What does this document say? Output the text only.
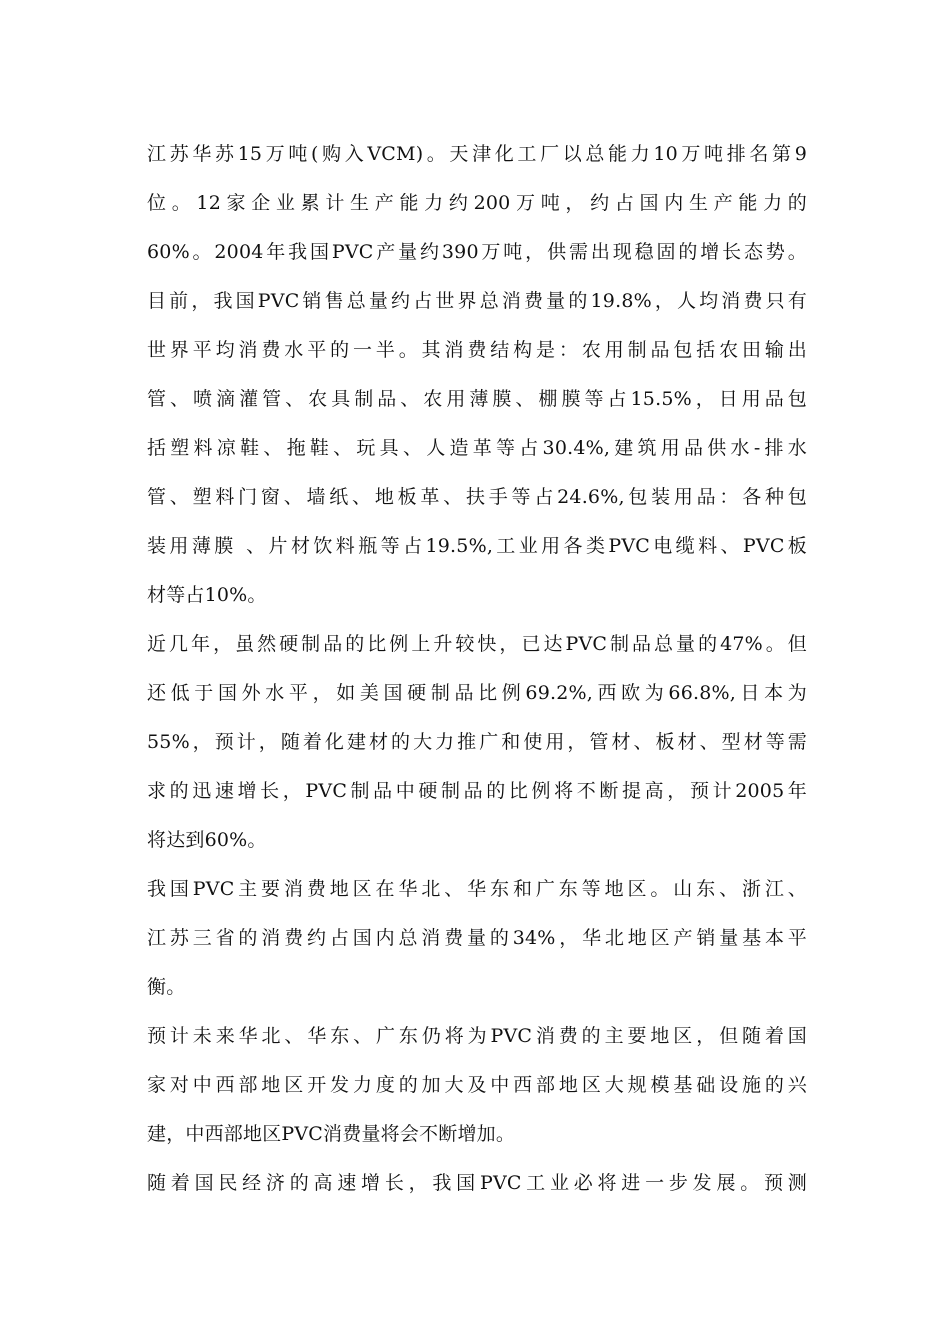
江苏华苏15万吨(购入VCM)。天津化工厂以总能力10万吨排名第9
位。12家企业累计生产能力约200万吨，约占国内生产能力的
60%。2004年我国PVC产量约390万吨，供需出现稳固的增长态势。
目前，我国PVC销售总量约占世界总消费量的19.8%，人均消费只有
世界平均消费水平的一半。其消费结构是：农用制品包括农田输出
管、喷滴灌管、农具制品、农用薄膜、棚膜等占15.5%，日用品包
括塑料凉鞋、拖鞋、玩具、人造革等占30.4%,建筑用品供水-排水
管、塑料门窗、墙纸、地板革、扶手等占24.6%,包装用品：各种包
装用薄膜 、片材饮料瓶等占19.5%,工业用各类PVC电缆料、PVC板
材等占10%。
近几年，虽然硬制品的比例上升较快，已达PVC制品总量的47%。但
还低于国外水平，如美国硬制品比例69.2%,西欧为66.8%,日本为
55%，预计，随着化建材的大力推广和使用，管材、板材、型材等需
求的迅速增长，PVC制品中硬制品的比例将不断提高，预计2005年
将达到60%。
我国PVC主要消费地区在华北、华东和广东等地区。山东、浙江、
江苏三省的消费约占国内总消费量的34%，华北地区产销量基本平
衡。
预计未来华北、华东、广东仍将为PVC消费的主要地区，但随着国
家对中西部地区开发力度的加大及中西部地区大规模基础设施的兴
建，中西部地区PVC消费量将会不断增加。
随着国民经济的高速增长，我国PVC工业必将进一步发展。预测
